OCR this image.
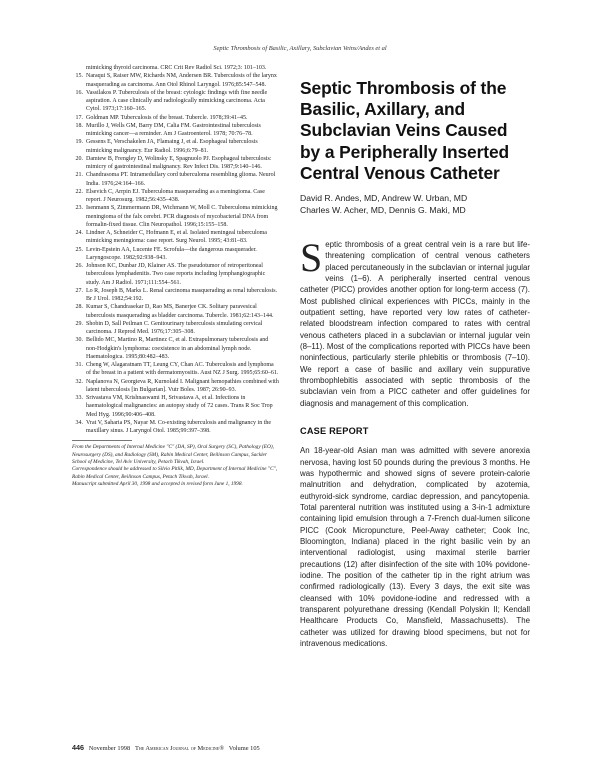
Septic Thrombosis of Basilic, Axillary, Subclavian Veins/Andes et al
mimicking thyroid carcinoma. CRC Crit Rev Radiol Sci. 1972;3: 101–103.
15. Naraqui S, Raiser MW, Richards NM, Andersen BR. Tuberculosis of the larynx masquerading as carcinoma. Ann Otol Rhinol Laryngol. 1976;85:547–548.
16. Vassilakos P. Tuberculosis of the breast: cytologic findings with fine needle aspiration. A case clinically and radiologically mimicking carcinoma. Acta Cytol. 1973;17:160–165.
17. Goldman MP. Tuberculosis of the breast. Tubercle. 1978;39:41–45.
18. Murillo J, Wells GM, Barry DM, Calia FM. Gastrointestinal tuberculosis mimicking cancer—a reminder. Am J Gastroenterol. 1978; 70:76–78.
19. Gessens E, Verschakelen JA, Flamaing J, et al. Esophageal tuberculosis mimicking malignancy. Eur Radiol. 1996;6:79–81.
20. Damtew B, Frengley D, Wolinsky E, Spagnuolo PJ. Esophageal tuberculosis: mimicry of gastrointestinal malignancy. Rev Infect Dis. 1987;9:140–146.
21. Chandrasoma PT. Intramedullary cord tuberculoma resembling glioma. Neurol India. 1976;24:164–166.
22. Elsevich C, Arrpin EJ. Tuberculoma masquerading as a meningioma. Case report. J Neurosurg. 1982;56:435–438.
23. Isenmann S, Zimmermann DR, Wichmann W, Moll C. Tuberculoma mimicking meningioma of the falx cerebri. PCR diagnosis of mycobacterial DNA from formalin-fixed tissue. Clin Neuropathol. 1996;15:155–158.
24. Lindner A, Schneider C, Hofmann E, et al. Isolated meningeal tuberculoma mimicking meningioma: case report. Surg Neurol. 1995; 43:81–83.
25. Levin-Epstein AA, Lucente FE. Scrofula—the dangerous masquerader. Laryngoscope. 1982;92:938–943.
26. Johnson KC, Dunbar JD, Klainer AS. The pseudotumor of retroperitoneal tuberculous lymphadenitis. Two case reports including lymphangiographic study. Am J Radiol. 1971;111:554–561.
27. Lo R, Joseph B, Marks L. Renal carcinoma masquerading as renal tuberculosis. Br J Urol. 1982;54:192.
28. Kumar S, Chandrasekar D, Rao MS, Banerjee CK. Solitary paravesical tuberculosis masquerading as bladder carcinoma. Tubercle. 1981;62:143–144.
29. Shobin D, Sall Peilman C. Genitourinary tuberculosis simulating cervical carcinoma. J Reprod Med. 1976;17:305–308.
30. Bellido MC, Martino R, Martinez C, et al. Extrapulmonary tuberculosis and non-Hodgkin's lymphoma: coexistence in an abdominal lymph node. Haematologica. 1995;80:482–483.
31. Cheng W, Alagaratnam TT, Leung CY, Chan AC. Tuberculosis and lymphoma of the breast in a patient with dermatomyositis. Aust NZ J Surg. 1995;65:60–61.
32. Naplanova N, Georgieva R, Kurnolaid I. Malignant hemopathies combined with latent tuberculosis [in Bulgarian]. Vutr Boles. 1987; 26:90–93.
33. Srivastava VM, Krishnaswami H, Srivastava A, et al. Infections in haematological malignancies: an autopsy study of 72 cases. Trans R Soc Trop Med Hyg. 1996;90:406–408.
34. Vrat V, Saharia PS, Nayar M. Co-existing tuberculosis and malignancy in the maxillary sinus. J Laryngol Otol. 1985;99:397–398.

From the Departments of Internal Medicine "C" (DA, SP), Oral Surgery (SC), Pathology (EO), Neurosurgery (DS), and Radiology (SM), Rabin Medical Center, Beilinson Campus, Sackler School of Medicine, Tel Aviv University, Petach Tikvah, Israel.

Correspondence should be addressed to Silvio Pitlik, MD, Department of Internal Medicine "C", Rabin Medical Center, Beilinson Campus, Petach Tikvah, Israel.

Manuscript submitted April 30, 1998 and accepted in revised form June 1, 1998.

Septic Thrombosis of the Basilic, Axillary, and Subclavian Veins Caused by a Peripherally Inserted Central Venous Catheter
David R. Andes, MD, Andrew W. Urban, MD
Charles W. Acher, MD, Dennis G. Maki, MD

Septic thrombosis of a great central vein is a rare but life-threatening complication of central venous catheters placed percutaneously in the subclavian or internal jugular veins (1–6). A peripherally inserted central venous catheter (PICC) provides another option for long-term access (7). Most published clinical experiences with PICCs, mainly in the outpatient setting, have reported very low rates of catheter-related bloodstream infection compared to rates with central venous catheters placed in a subclavian or internal jugular vein (8–11). Most of the complications reported with PICCs have been noninfectious, particularly sterile phlebitis or thrombosis (7–10). We report a case of basilic and axillary vein suppurative thrombophlebitis associated with septic thrombosis of the subclavian vein from a PICC catheter and offer guidelines for diagnosis and management of this complication.

CASE REPORT

An 18-year-old Asian man was admitted with severe anorexia nervosa, having lost 50 pounds during the previous 3 months. He was hypothermic and showed signs of severe protein-calorie malnutrition and dehydration, complicated by azotemia, euthyroid-sick syndrome, cardiac depression, and pancytopenia. Total parenteral nutrition was instituted using a 3-in-1 admixture containing lipid emulsion through a 7-French dual-lumen silicone PICC (Cook Micropuncture, Peel-Away catheter; Cook Inc, Bloomington, Indiana) placed in the right basilic vein by an interventional radiologist, using maximal sterile barrier precautions (12) after disinfection of the site with 10% povidone-iodine. The position of the catheter tip in the right atrium was confirmed radiologically (13). Every 3 days, the exit site was cleansed with 10% povidone-iodine and redressed with a transparent polyurethane dressing (Kendall Polyskin II; Kendall Healthcare Products Co, Mansfield, Massachusetts). The catheter was utilized for drawing blood specimens, but not for intravenous medications.

446 November 1998 The American Journal of Medicine® Volume 105
